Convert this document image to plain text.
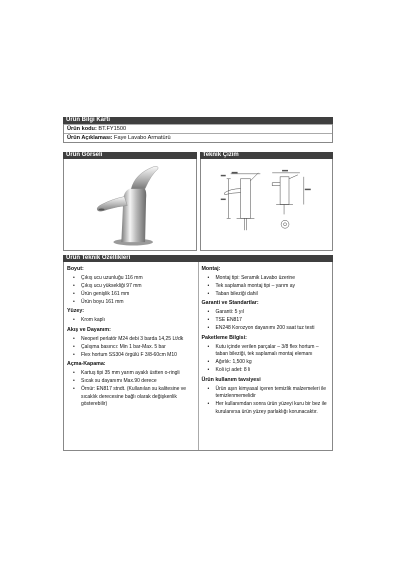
Ürün Bilgi Kartı
Ürün kodu: BT.FY1500
Ürün Açıklaması: Faye Lavabo Armatürü
Ürün Görseli	Teknik Çizim
Ürün Teknik Özellikleri
Boyut:
• Çıkış ucu uzunluğu 116 mm
• Çıkış ucu yüksekliği 97 mm
• Ürün genişlik 161 mm
• Ürün boyu 161 mm
Yüzey:
• Krom kaplı
Akış ve Dayanım:
• Neoperl perlatör M24 debi 3 barda 14,25 Lt/dk
• Çalışma basıncı: Min 1 bar-Max. 5 bar
• Flex hortum SS304 örgülü F 3/8-60cm M10
Açma-Kapama:
• Kartuş tipi 35 mm yarım ayaklı üstten o-ringli
• Sıcak su dayanımı Max.90 derece
• Örnür: EN817 stndt. (Kullanılan su kalitesine ve sıcaklık derecesine bağlı olarak değişkenlik gösterebilir)
Montaj:
• Montaj tipi: Seramik Lavabo üzerine
• Tek saplamalı montaj tipi – yarım ay
• Taban bileziği dahil
Garanti ve Standartlar:
• Garanti: 5 yıl
• TSE EN817
• EN248 Korozyon dayanımı 200 saat tuz testi
Paketleme Bilgisi:
• Kutu içinde verilen parçalar – 3/8 flex hortum – taban bileziği, tek saplamalı montaj elemanı
• Ağırlık: 1,500 kg
• Koli içi adet: 8 li
Ürün kullanım tavsiyesi
• Ürün aşırı kimyasal içeren temizlik malzemeleri ile temizlenmemelidir
• Her kullanımdan sonra ürün yüzeyi kuru bir bez ile kurulanırsa ürün yüzey parlaklığı korunacaktır.
